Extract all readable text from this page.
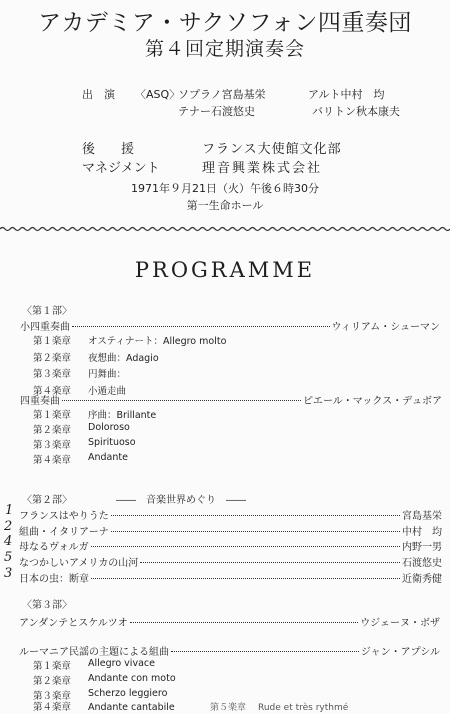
アカデミア・サクソフォン四重奏団
第４回定期演奏会
出　演 〈ASQ〉
ソプラノ宮島基栄	アルト中村　均
テナー石渡悠史	バリトン秋本康夫
後　　援	フランス大使館文化部
マネジメント	理音興業株式会社
1971年９月21日（火）午後６時30分
第一生命ホール
PROGRAMME
〈第１部〉
小四重奏曲	ウィリアム・シューマン
第１楽章 オスティナート：Allegro molto
第２楽章 夜想曲：Adagio
第３楽章 円舞曲：
第４楽章 小遁走曲
四重奏曲	ピエール・マックス・デュボア
第１楽章 序曲：Brillante
第２楽章 Doloroso
第３楽章 Spirituoso
第４楽章 Andante
〈第２部〉	――　音楽世界めぐり　――
1 フランスはやりうた	宮島基栄
2 組曲・イタリアーナ	中村　均
4 母なるヴォルガ	内野一男
5 なつかしいアメリカの山河	石渡悠史
3 日本の虫：断章	近衛秀健
〈第３部〉
アンダンテとスケルツオ	ウジェーヌ・ボザ
ルーマニア民謡の主題による組曲	ジャン・アプシル
第１楽章 Allegro vivace
第２楽章 Andante con moto
第３楽章 Scherzo leggiero
第４楽章 Andante cantabile	第５楽章 Rude et très rythmé
